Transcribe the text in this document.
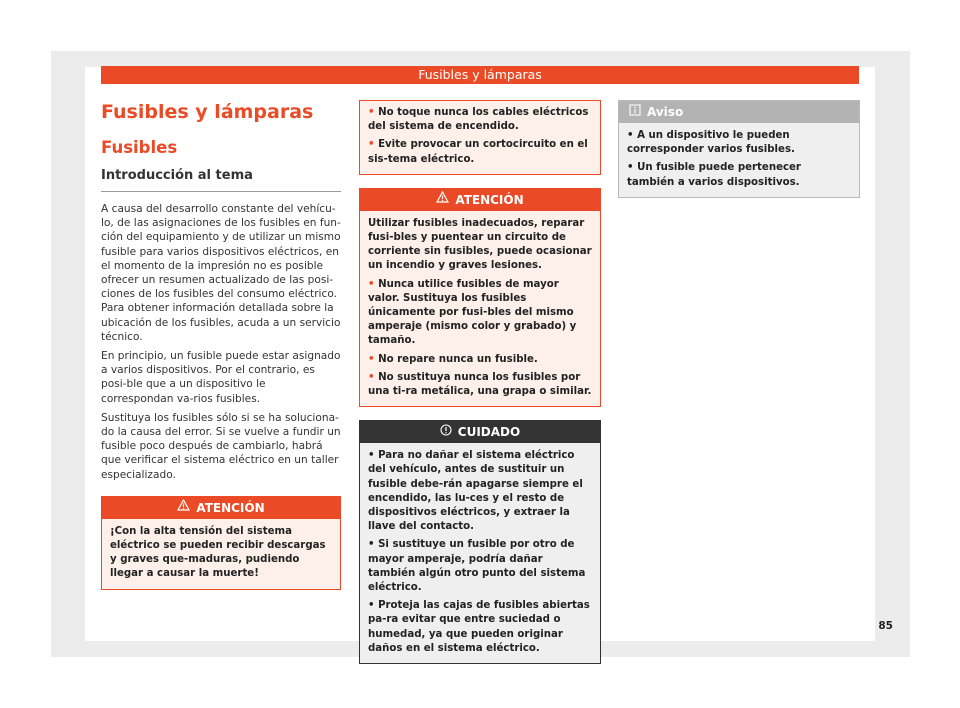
Fusibles y lámparas
Fusibles y lámparas
Fusibles
Introducción al tema

A causa del desarrollo constante del vehícu-lo, de las asignaciones de los fusibles en fun-ción del equipamiento y de utilizar un mismo fusible para varios dispositivos eléctricos, en el momento de la impresión no es posible ofrecer un resumen actualizado de las posi-ciones de los fusibles del consumo eléctrico. Para obtener información detallada sobre la ubicación de los fusibles, acuda a un servicio técnico.

En principio, un fusible puede estar asignado a varios dispositivos. Por el contrario, es posi-ble que a un dispositivo le correspondan va-rios fusibles.

Sustituya los fusibles sólo si se ha soluciona-do la causa del error. Si se vuelve a fundir un fusible poco después de cambiarlo, habrá que verificar el sistema eléctrico en un taller especializado.

ATENCIÓN

¡Con la alta tensión del sistema eléctrico se pueden recibir descargas y graves que-maduras, pudiendo llegar a causar la muerte!

• No toque nunca los cables eléctricos del sistema de encendido.

• Evite provocar un cortocircuito en el sis-tema eléctrico.

ATENCIÓN

Utilizar fusibles inadecuados, reparar fusi-bles y puentear un circuito de corriente sin fusibles, puede ocasionar un incendio y graves lesiones.

• Nunca utilice fusibles de mayor valor. Sustituya los fusibles únicamente por fusi-bles del mismo amperaje (mismo color y grabado) y tamaño.

• No repare nunca un fusible.

• No sustituya nunca los fusibles por una ti-ra metálica, una grapa o similar.

CUIDADO

• Para no dañar el sistema eléctrico del vehículo, antes de sustituir un fusible debe-rán apagarse siempre el encendido, las lu-ces y el resto de dispositivos eléctricos, y extraer la llave del contacto.

• Si sustituye un fusible por otro de mayor amperaje, podría dañar también algún otro punto del sistema eléctrico.

• Proteja las cajas de fusibles abiertas pa-ra evitar que entre suciedad o humedad, ya que pueden originar daños en el sistema eléctrico.

Aviso

• A un dispositivo le pueden corresponder varios fusibles.

• Un fusible puede pertenecer también a varios dispositivos.

85
